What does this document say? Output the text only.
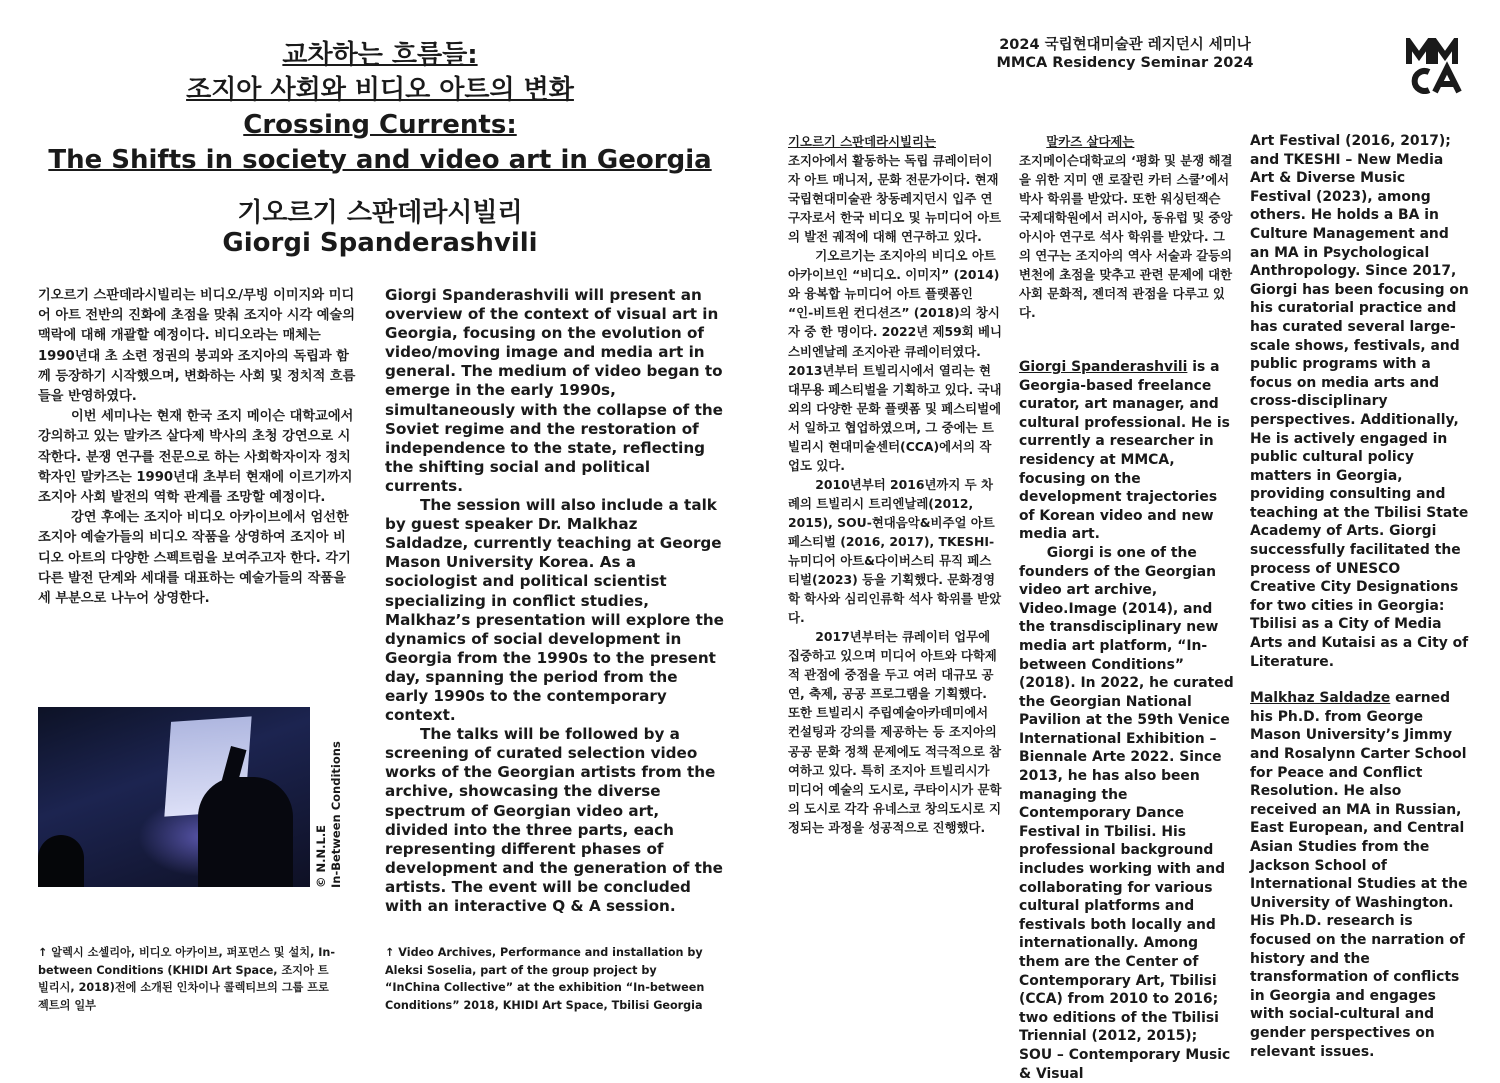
교차하는 흐름들:
조지아 사회와 비디오 아트의 변화
Crossing Currents:
The Shifts in society and video art in Georgia
기오르기 스판데라시빌리
Giorgi Spanderashvili

기오르기 스판데라시빌리는 비디오/무빙 이미지와 미디어 아트 전반의 진화에 초점을 맞춰 조지아 시각 예술의 맥락에 대해 개괄할 예정이다. 비디오라는 매체는 1990년대 초 소련 정권의 붕괴와 조지아의 독립과 함께 등장하기 시작했으며, 변화하는 사회 및 정치적 흐름들을 반영하였다.

이번 세미나는 현재 한국 조지 메이슨 대학교에서 강의하고 있는 말카즈 살다제 박사의 초청 강연으로 시작한다. 분쟁 연구를 전문으로 하는 사회학자이자 정치학자인 말카즈는 1990년대 초부터 현재에 이르기까지 조지아 사회 발전의 역학 관계를 조망할 예정이다.

강연 후에는 조지아 비디오 아카이브에서 엄선한 조지아 예술가들의 비디오 작품을 상영하여 조지아 비디오 아트의 다양한 스펙트럼을 보여주고자 한다. 각기 다른 발전 단계와 세대를 대표하는 예술가들의 작품을 세 부분으로 나누어 상영한다.

Giorgi Spanderashvili will present an overview of the context of visual art in Georgia, focusing on the evolution of video/moving image and media art in general. The medium of video began to emerge in the early 1990s, simultaneously with the collapse of the Soviet regime and the restoration of independence to the state, reflecting the shifting social and political currents.

The session will also include a talk by guest speaker Dr. Malkhaz Saldadze, currently teaching at George Mason University Korea. As a sociologist and political scientist specializing in conflict studies, Malkhaz’s presentation will explore the dynamics of social development in Georgia from the 1990s to the present day, spanning the period from the early 1990s to the contemporary context.

The talks will be followed by a screening of curated selection video works of the Georgian artists from the archive, showcasing the diverse spectrum of Georgian video art, divided into the three parts, each representing different phases of development and the generation of the artists. The event will be concluded with an interactive Q & A session.

© N.N.L.E In-Between Conditions
↑ 알렉시 소셀리아, 비디오 아카이브, 퍼포먼스 및 설치, In-between Conditions (KHIDI Art Space, 조지아 트빌리시, 2018)전에 소개된 인차이나 콜렉티브의 그룹 프로젝트의 일부
↑ Video Archives, Performance and installation by Aleksi Soselia, part of the group project by “InChina Collective” at the exhibition “In-between Conditions” 2018, KHIDI Art Space, Tbilisi Georgia
2024 국립현대미술관 레지던시 세미나
MMCA Residency Seminar 2024

기오르기 스판데라시빌리는

조지아에서 활동하는 독립 큐레이터이자 아트 매니저, 문화 전문가이다. 현재 국립현대미술관 창동레지던시 입주 연구자로서 한국 비디오 및 뉴미디어 아트의 발전 궤적에 대해 연구하고 있다.

기오르기는 조지아의 비디오 아트 아카이브인 “비디오. 이미지” (2014)와 융복합 뉴미디어 아트 플랫폼인 “인-비트윈 컨디션즈” (2018)의 창시자 중 한 명이다. 2022년 제59회 베니스비엔날레 조지아관 큐레이터였다. 2013년부터 트빌리시에서 열리는 현대무용 페스티벌을 기획하고 있다. 국내외의 다양한 문화 플랫폼 및 페스티벌에서 일하고 협업하였으며, 그 중에는 트빌리시 현대미술센터(CCA)에서의 작업도 있다.

2010년부터 2016년까지 두 차례의 트빌리시 트리엔날레(2012, 2015), SOU-현대음악&비주얼 아트 페스티벌 (2016, 2017), TKESHI-뉴미디어 아트&다이버스티 뮤직 페스티벌(2023) 등을 기획했다. 문화경영학 학사와 심리인류학 석사 학위를 받았다.

2017년부터는 큐레이터 업무에 집중하고 있으며 미디어 아트와 다학제적 관점에 중점을 두고 여러 대규모 공연, 축제, 공공 프로그램을 기획했다. 또한 트빌리시 주립예술아카데미에서 컨설팅과 강의를 제공하는 등 조지아의 공공 문화 정책 문제에도 적극적으로 참여하고 있다. 특히 조지아 트빌리시가 미디어 예술의 도시로, 쿠타이시가 문학의 도시로 각각 유네스코 창의도시로 지정되는 과정을 성공적으로 진행했다.

말카즈 살다제는

조지메이슨대학교의 ‘평화 및 분쟁 해결을 위한 지미 앤 로잘린 카터 스쿨’에서 박사 학위를 받았다. 또한 워싱턴잭슨 국제대학원에서 러시아, 동유럽 및 중앙아시아 연구로 석사 학위를 받았다. 그의 연구는 조지아의 역사 서술과 갈등의 변천에 초점을 맞추고 관련 문제에 대한 사회 문화적, 젠더적 관점을 다루고 있다.

Giorgi Spanderashvili is a Georgia-based freelance curator, art manager, and cultural professional. He is currently a researcher in residency at MMCA, focusing on the development trajectories of Korean video and new media art.

Giorgi is one of the founders of the Georgian video art archive, Video.Image (2014), and the transdisciplinary new media art platform, “In-between Conditions” (2018). In 2022, he curated the Georgian National Pavilion at the 59th Venice International Exhibition – Biennale Arte 2022. Since 2013, he has also been managing the Contemporary Dance Festival in Tbilisi. His professional background includes working with and collaborating for various cultural platforms and festivals both locally and internationally. Among them are the Center of Contemporary Art, Tbilisi (CCA) from 2010 to 2016; two editions of the Tbilisi Triennial (2012, 2015); SOU – Contemporary Music & Visual

Art Festival (2016, 2017); and TKESHI – New Media Art & Diverse Music Festival (2023), among others. He holds a BA in Culture Management and an MA in Psychological Anthropology. Since 2017, Giorgi has been focusing on his curatorial practice and has curated several large-scale shows, festivals, and public programs with a focus on media arts and cross-disciplinary perspectives. Additionally, He is actively engaged in public cultural policy matters in Georgia, providing consulting and teaching at the Tbilisi State Academy of Arts. Giorgi successfully facilitated the process of UNESCO Creative City Designations for two cities in Georgia: Tbilisi as a City of Media Arts and Kutaisi as a City of Literature.

Malkhaz Saldadze earned his Ph.D. from George Mason University’s Jimmy and Rosalynn Carter School for Peace and Conflict Resolution. He also received an MA in Russian, East European, and Central Asian Studies from the Jackson School of International Studies at the University of Washington. His Ph.D. research is focused on the narration of history and the transformation of conflicts in Georgia and engages with social-cultural and gender perspectives on relevant issues.
